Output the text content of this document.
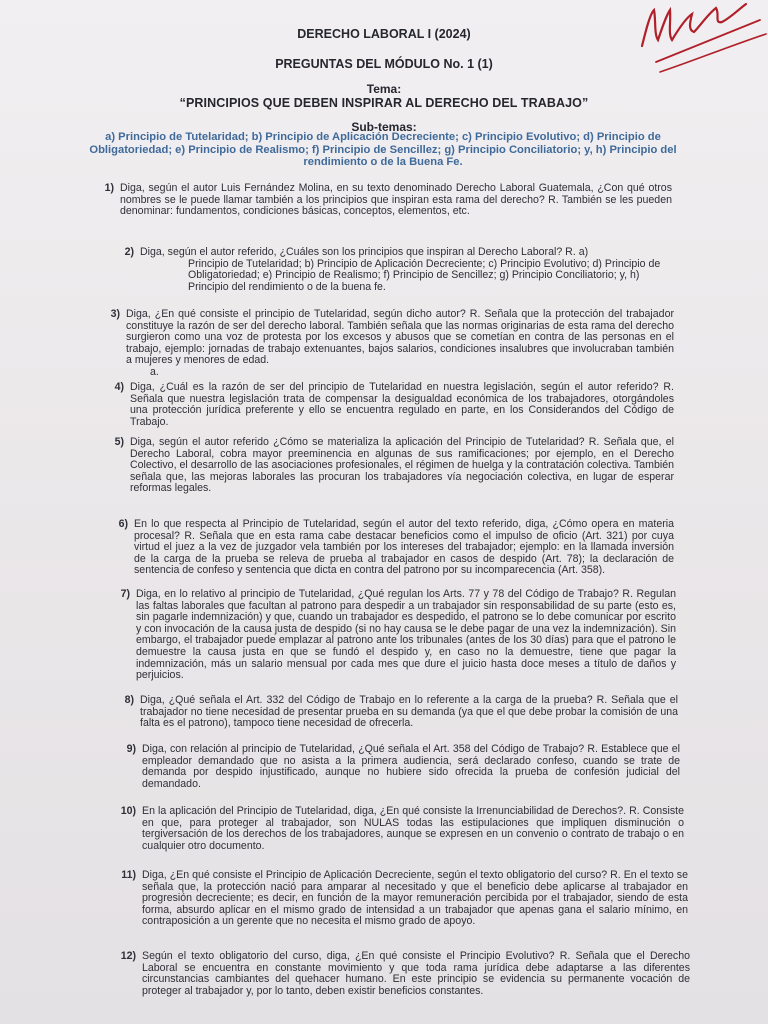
DERECHO LABORAL I (2024)
PREGUNTAS DEL MÓDULO No. 1 (1)
Tema:
“PRINCIPIOS QUE DEBEN INSPIRAR AL DERECHO DEL TRABAJO”
Sub-temas:
a) Principio de Tutelaridad; b) Principio de Aplicación Decreciente; c) Principio Evolutivo; d) Principio de Obligatoriedad; e) Principio de Realismo; f) Principio de Sencillez; g) Principio Conciliatorio; y, h) Principio del rendimiento o de la Buena Fe.
1) Diga, según el autor Luis Fernández Molina, en su texto denominado Derecho Laboral Guatemala, ¿Con qué otros nombres se le puede llamar también a los principios que inspiran esta rama del derecho? R. También se les pueden denominar: fundamentos, condiciones básicas, conceptos, elementos, etc.
2) Diga, según el autor referido, ¿Cuáles son los principios que inspiran al Derecho Laboral? R. a)
Principio de Tutelaridad; b) Principio de Aplicación Decreciente; c) Principio Evolutivo; d) Principio de Obligatoriedad; e) Principio de Realismo; f) Principio de Sencillez; g) Principio Conciliatorio; y, h) Principio del rendimiento o de la buena fe.
3) Diga, ¿En qué consiste el principio de Tutelaridad, según dicho autor? R. Señala que la protección del trabajador constituye la razón de ser del derecho laboral. También señala que las normas originarias de esta rama del derecho surgieron como una voz de protesta por los excesos y abusos que se cometían en contra de las personas en el trabajo, ejemplo: jornadas de trabajo extenuantes, bajos salarios, condiciones insalubres que involucraban también a mujeres y menores de edad.
a.
4) Diga, ¿Cuál es la razón de ser del principio de Tutelaridad en nuestra legislación, según el autor referido? R. Señala que nuestra legislación trata de compensar la desigualdad económica de los trabajadores, otorgándoles una protección jurídica preferente y ello se encuentra regulado en parte, en los Considerandos del Código de Trabajo.
5) Diga, según el autor referido ¿Cómo se materializa la aplicación del Principio de Tutelaridad? R. Señala que, el Derecho Laboral, cobra mayor preeminencia en algunas de sus ramificaciones; por ejemplo, en el Derecho Colectivo, el desarrollo de las asociaciones profesionales, el régimen de huelga y la contratación colectiva. También señala que, las mejoras laborales las procuran los trabajadores vía negociación colectiva, en lugar de esperar reformas legales.
6) En lo que respecta al Principio de Tutelaridad, según el autor del texto referido, diga, ¿Cómo opera en materia procesal? R. Señala que en esta rama cabe destacar beneficios como el impulso de oficio (Art. 321) por cuya virtud el juez a la vez de juzgador vela también por los intereses del trabajador; ejemplo: en la llamada inversión de la carga de la prueba se releva de prueba al trabajador en casos de despido (Art. 78); la declaración de sentencia de confeso y sentencia que dicta en contra del patrono por su incomparecencia (Art. 358).
7) Diga, en lo relativo al principio de Tutelaridad, ¿Qué regulan los Arts. 77 y 78 del Código de Trabajo? R. Regulan las faltas laborales que facultan al patrono para despedir a un trabajador sin responsabilidad de su parte (esto es, sin pagarle indemnización) y que, cuando un trabajador es despedido, el patrono se lo debe comunicar por escrito y con invocación de la causa justa de despido (si no hay causa se le debe pagar de una vez la indemnización). Sin embargo, el trabajador puede emplazar al patrono ante los tribunales (antes de los 30 días) para que el patrono le demuestre la causa justa en que se fundó el despido y, en caso no la demuestre, tiene que pagar la indemnización, más un salario mensual por cada mes que dure el juicio hasta doce meses a título de daños y perjuicios.
8) Diga, ¿Qué señala el Art. 332 del Código de Trabajo en lo referente a la carga de la prueba? R. Señala que el trabajador no tiene necesidad de presentar prueba en su demanda (ya que el que debe probar la comisión de una falta es el patrono), tampoco tiene necesidad de ofrecerla.
9) Diga, con relación al principio de Tutelaridad, ¿Qué señala el Art. 358 del Código de Trabajo? R. Establece que el empleador demandado que no asista a la primera audiencia, será declarado confeso, cuando se trate de demanda por despido injustificado, aunque no hubiere sido ofrecida la prueba de confesión judicial del demandado.
10) En la aplicación del Principio de Tutelaridad, diga, ¿En qué consiste la Irrenunciabilidad de Derechos?. R. Consiste en que, para proteger al trabajador, son NULAS todas las estipulaciones que impliquen disminución o tergiversación de los derechos de los trabajadores, aunque se expresen en un convenio o contrato de trabajo o en cualquier otro documento.
11) Diga, ¿En qué consiste el Principio de Aplicación Decreciente, según el texto obligatorio del curso? R. En el texto se señala que, la protección nació para amparar al necesitado y que el beneficio debe aplicarse al trabajador en progresión decreciente; es decir, en función de la mayor remuneración percibida por el trabajador, siendo de esta forma, absurdo aplicar en el mismo grado de intensidad a un trabajador que apenas gana el salario mínimo, en contraposición a un gerente que no necesita el mismo grado de apoyo.
12) Según el texto obligatorio del curso, diga, ¿En qué consiste el Principio Evolutivo? R. Señala que el Derecho Laboral se encuentra en constante movimiento y que toda rama jurídica debe adaptarse a las diferentes circunstancias cambiantes del quehacer humano. En este principio se evidencia su permanente vocación de proteger al trabajador y, por lo tanto, deben existir beneficios constantes.
